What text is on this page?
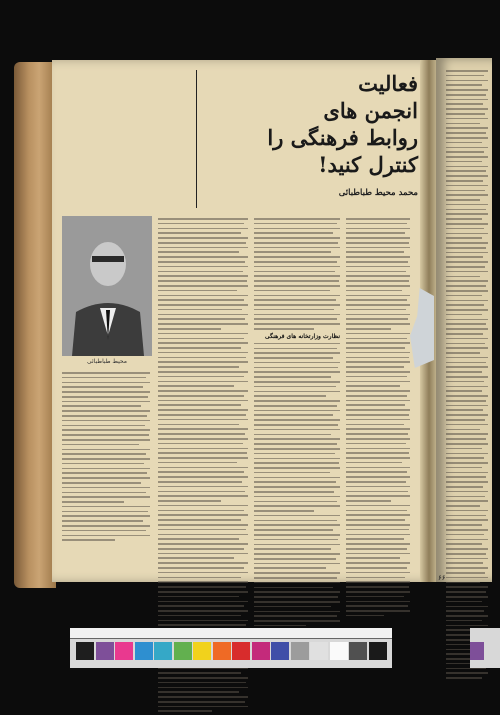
فعالیت
انجمن های
روابط فرهنگی را
کنترل کنید!
محمد محیط طباطبائی
محیط طباطبائی
نظارت وزارتخانه های فرهنگی
۶۶
